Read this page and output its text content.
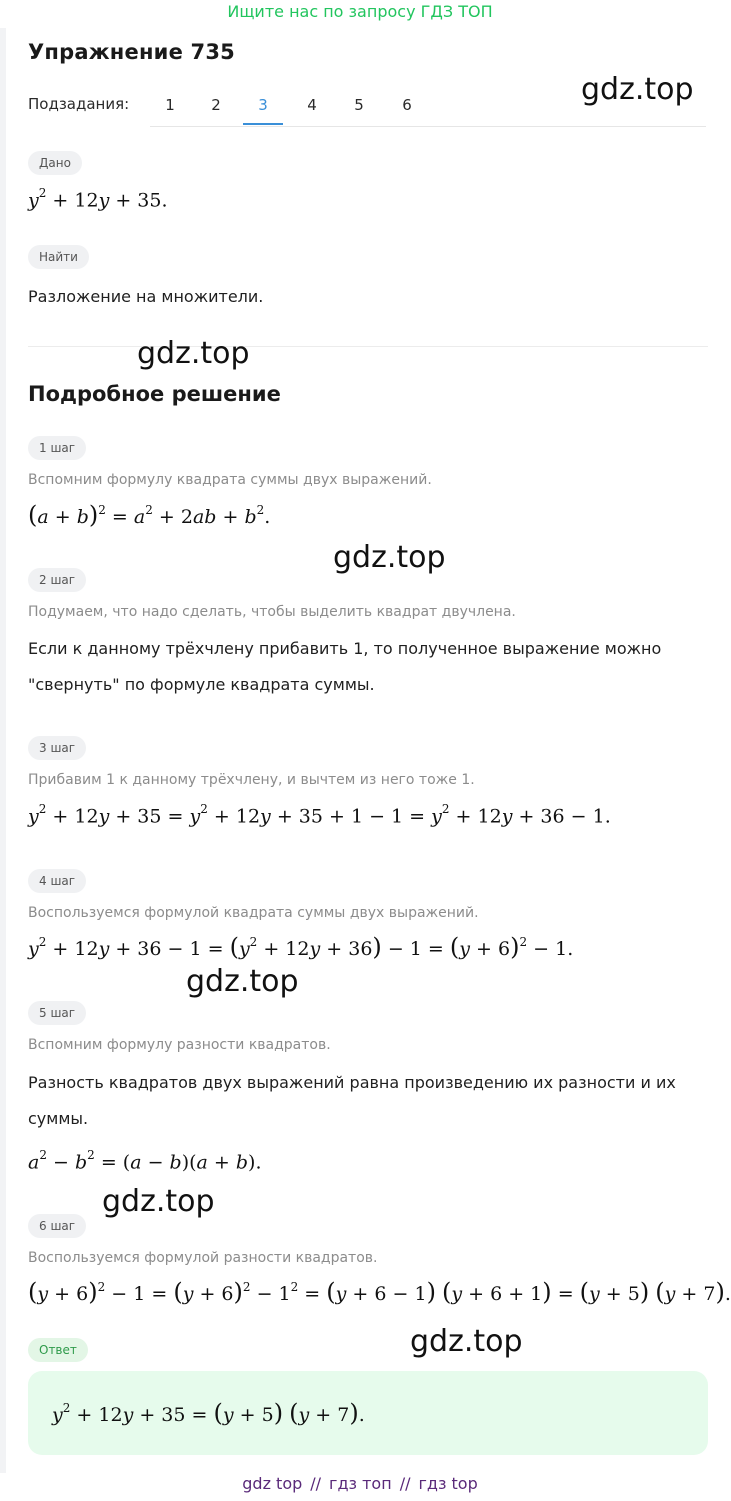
Ищите нас по запросу ГДЗ ТОП
Упражнение 735
Подзадания:	1	2	3	4	5	6	gdz.top
Дано
$y^2 + 12y + 35$.
Найти
Разложение на множители.
gdz.top
Подробное решение
1 шаг
Вспомним формулу квадрата суммы двух выражений.
$(a + b)^2 = a^2 + 2ab + b^2$.
gdz.top
2 шаг
Подумаем, что надо сделать, чтобы выделить квадрат двучлена.
Если к данному трёхчлену прибавить 1, то полученное выражение можно
"свернуть" по формуле квадрата суммы.
3 шаг
Прибавим 1 к данному трёхчлену, и вычтем из него тоже 1.
$y^2 + 12y + 35 = y^2 + 12y + 35 + 1 - 1 = y^2 + 12y + 36 - 1$.
4 шаг
Воспользуемся формулой квадрата суммы двух выражений.
$y^2 + 12y + 36 - 1 = (y^2 + 12y + 36) - 1 = (y + 6)^2 - 1$.
gdz.top
5 шаг
Вспомним формулу разности квадратов.
Разность квадратов двух выражений равна произведению их разности и их
суммы.
$a^2 - b^2 = (a - b)(a + b)$.
gdz.top
6 шаг
Воспользуемся формулой разности квадратов.
$(y + 6)^2 - 1 = (y + 6)^2 - 1^2 = (y + 6 - 1)$ (y + 6 + 1) = (y + 5) (y + 7).
gdz.top
Ответ
$y^2 + 12y + 35 = (y + 5) (y + 7)$.
gdz top // гдз топ // гдз top
